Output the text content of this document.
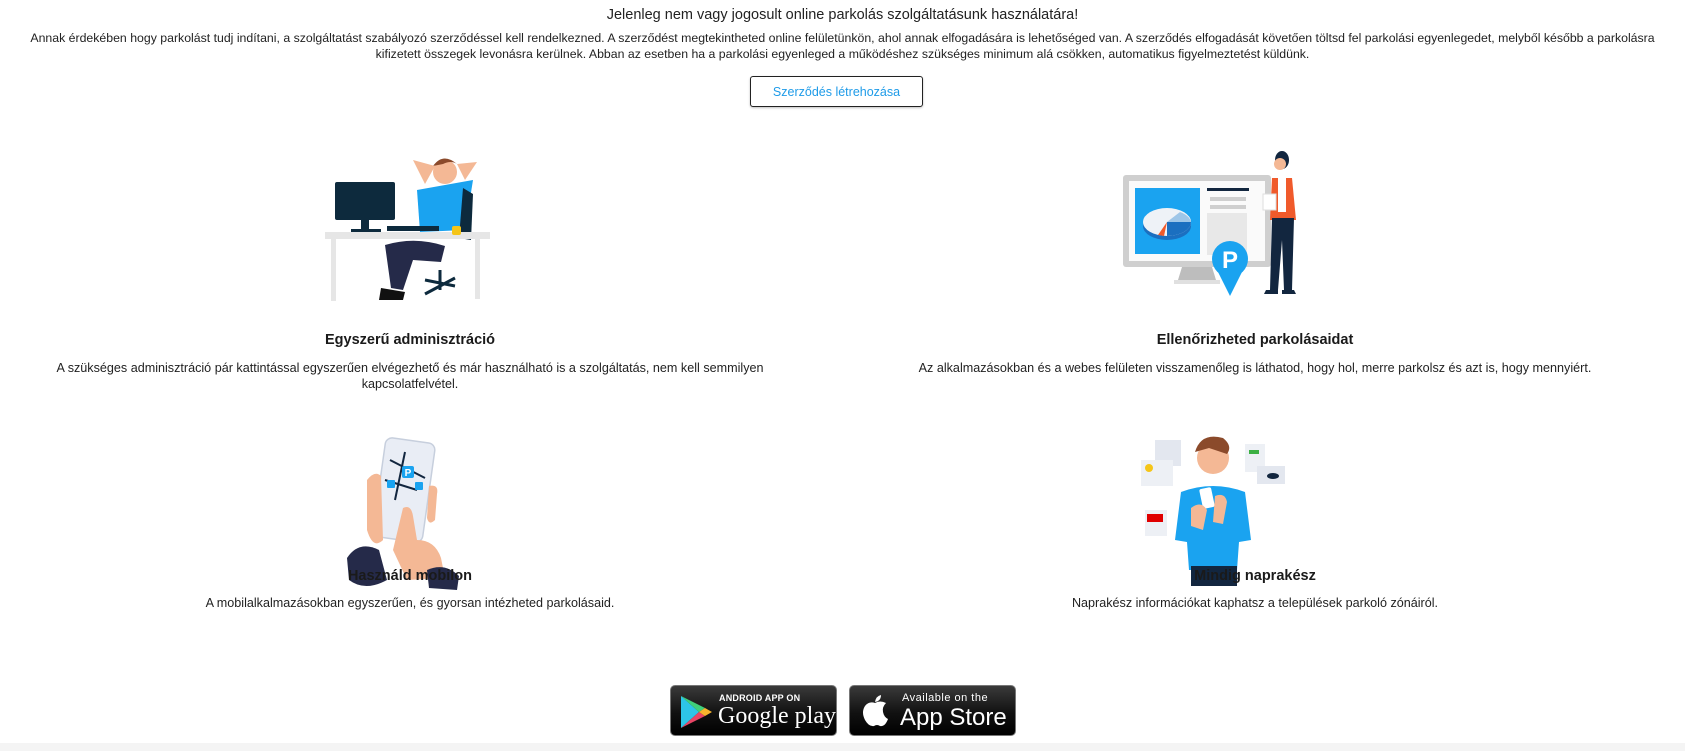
Jelenleg nem vagy jogosult online parkolás szolgáltatásunk használatára!
Annak érdekében hogy parkolást tudj indítani, a szolgáltatást szabályozó szerződéssel kell rendelkezned. A szerződést megtekintheted online felületünkön, ahol annak elfogadására is lehetőséged van. A szerződés elfogadását követően töltsd fel parkolási egyenlegedet, melyből később a parkolásra kifizetett összegek levonásra kerülnek. Abban az esetben ha a parkolási egyenleged a működéshez szükséges minimum alá csökken, automatikus figyelmeztetést küldünk.
Szerződés létrehozása
Egyszerű adminisztráció

A szükséges adminisztráció pár kattintással egyszerűen elvégezhető és már használható is a szolgáltatás, nem kell semmilyen kapcsolatfelvétel.

P
Ellenőrizheted parkolásaidat

Az alkalmazásokban és a webes felületen visszamenőleg is láthatod, hogy hol, merre parkolsz és azt is, hogy mennyiért.

P
Használd mobilon

A mobilalkalmazásokban egyszerűen, és gyorsan intézheted parkolásaid.

Mindig naprakész

Naprakész információkat kaphatsz a települések parkoló zónáiról.

ANDROID APP ON
Google play
Available on the
App Store
